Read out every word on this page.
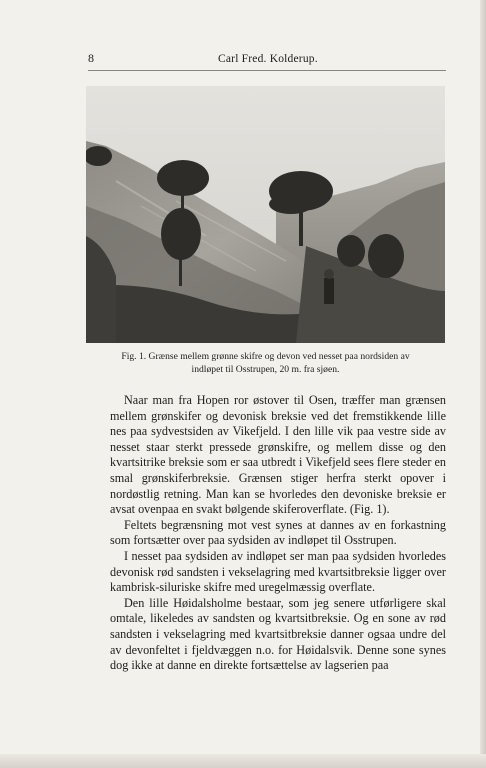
8	Carl Fred. Kolderup.
Fig. 1. Grænse mellem grønne skifre og devon ved nesset paa nordsiden av
indløpet til Osstrupen, 20 m. fra sjøen.

Naar man fra Hopen ror østover til Osen, træffer man grænsen mellem grønskifer og devonisk breksie ved det fremstikkende lille nes paa sydvestsiden av Vikefjeld. I den lille vik paa vestre side av nesset staar sterkt pressede grønskifre, og mellem disse og den kvartsitrike breksie som er saa utbredt i Vikefjeld sees flere steder en smal grønskiferbreksie. Grænsen stiger herfra sterkt opover i nordøstlig retning. Man kan se hvorledes den devoniske breksie er avsat ovenpaa en svakt bølgende skiferoverflate. (Fig. 1).

Feltets begrænsning mot vest synes at dannes av en forkastning som fortsætter over paa sydsiden av indløpet til Osstrupen.

I nesset paa sydsiden av indløpet ser man paa sydsiden hvorledes devonisk rød sandsten i vekselagring med kvartsitbreksie ligger over kambrisk-siluriske skifre med uregelmæssig overflate.

Den lille Høidalsholme bestaar, som jeg senere utførligere skal omtale, likeledes av sandsten og kvartsitbreksie. Og en sone av rød sandsten i vekselagring med kvartsitbreksie danner ogsaa undre del av devonfeltet i fjeldvæggen n.o. for Høidalsvik. Denne sone synes dog ikke at danne en direkte fortsættelse av lagserien paa
